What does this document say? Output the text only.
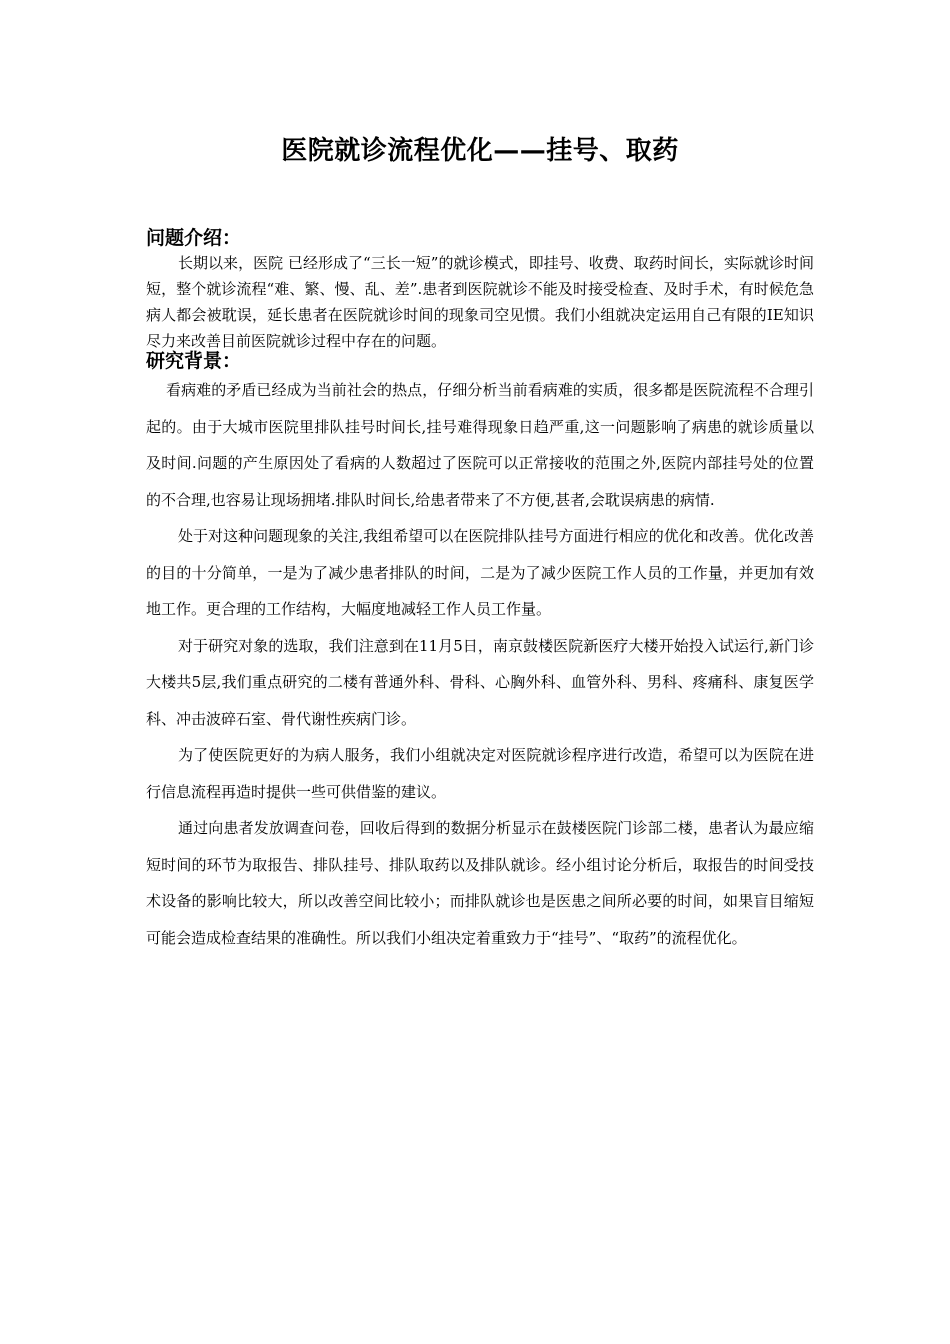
医院就诊流程优化——挂号、取药
问题介绍：

长期以来，医院 已经形成了“三长一短”的就诊模式，即挂号、收费、取药时间长，实际就诊时间短，整个就诊流程“难、繁、慢、乱、差”.患者到医院就诊不能及时接受检查、及时手术，有时候危急病人都会被耽误，延长患者在医院就诊时间的现象司空见惯。我们小组就决定运用自己有限的IE知识尽力来改善目前医院就诊过程中存在的问题。

研究背景：

看病难的矛盾已经成为当前社会的热点，仔细分析当前看病难的实质，很多都是医院流程不合理引起的。由于大城市医院里排队挂号时间长,挂号难得现象日趋严重,这一问题影响了病患的就诊质量以及时间.问题的产生原因处了看病的人数超过了医院可以正常接收的范围之外,医院内部挂号处的位置的不合理,也容易让现场拥堵.排队时间长,给患者带来了不方便,甚者,会耽误病患的病情.

处于对这种问题现象的关注,我组希望可以在医院排队挂号方面进行相应的优化和改善。优化改善的目的十分简单，一是为了减少患者排队的时间，二是为了减少医院工作人员的工作量，并更加有效地工作。更合理的工作结构，大幅度地减轻工作人员工作量。

对于研究对象的选取，我们注意到在11月5日，南京鼓楼医院新医疗大楼开始投入试运行,新门诊大楼共5层,我们重点研究的二楼有普通外科、骨科、心胸外科、血管外科、男科、疼痛科、康复医学科、冲击波碎石室、骨代谢性疾病门诊。

为了使医院更好的为病人服务，我们小组就决定对医院就诊程序进行改造，希望可以为医院在进行信息流程再造时提供一些可供借鉴的建议。

通过向患者发放调查问卷，回收后得到的数据分析显示在鼓楼医院门诊部二楼，患者认为最应缩短时间的环节为取报告、排队挂号、排队取药以及排队就诊。经小组讨论分析后，取报告的时间受技术设备的影响比较大，所以改善空间比较小；而排队就诊也是医患之间所必要的时间，如果盲目缩短可能会造成检查结果的准确性。所以我们小组决定着重致力于“挂号”、“取药”的流程优化。
